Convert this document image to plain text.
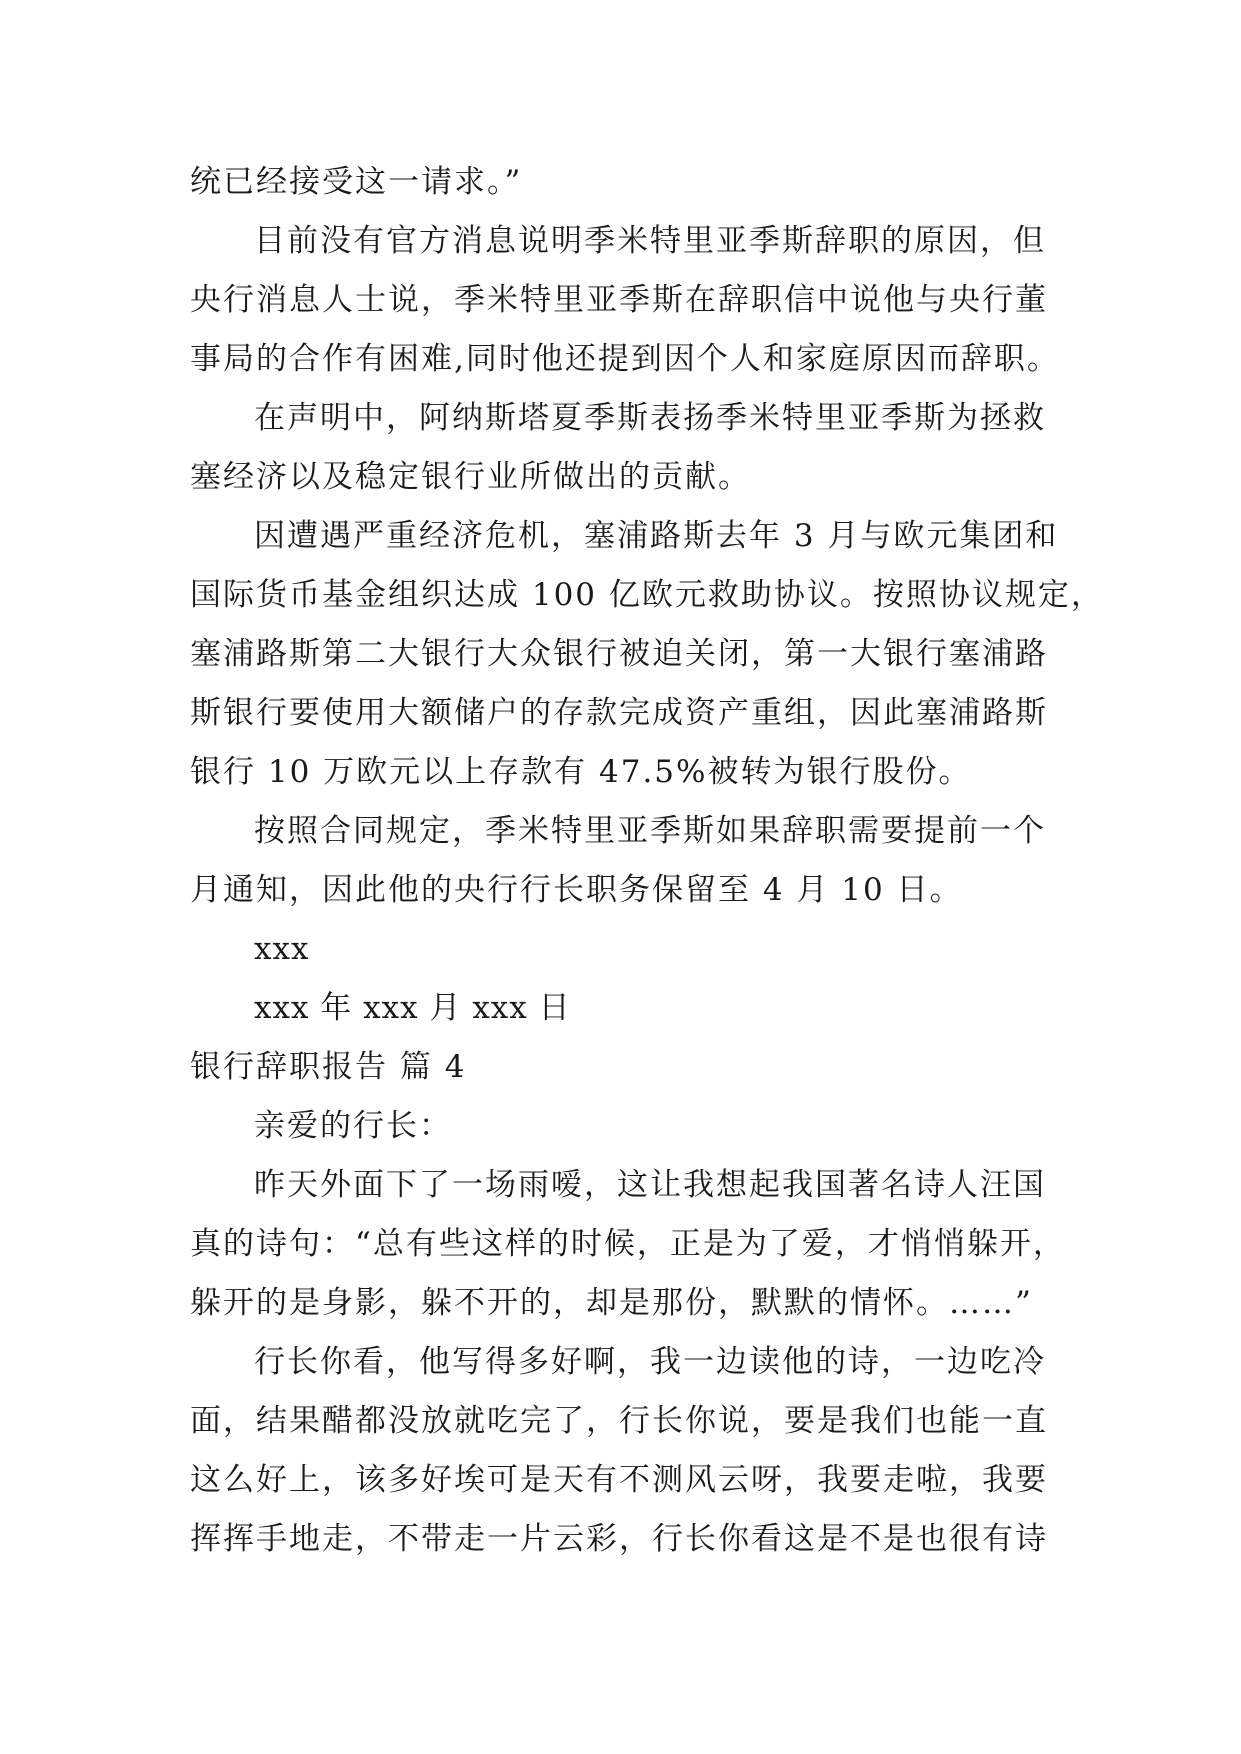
统已经接受这一请求。”
目前没有官方消息说明季米特里亚季斯辞职的原因，但
央行消息人士说，季米特里亚季斯在辞职信中说他与央行董
事局的合作有困难,同时他还提到因个人和家庭原因而辞职。
在声明中，阿纳斯塔夏季斯表扬季米特里亚季斯为拯救
塞经济以及稳定银行业所做出的贡献。
因遭遇严重经济危机，塞浦路斯去年 3 月与欧元集团和
国际货币基金组织达成 100 亿欧元救助协议。按照协议规定，
塞浦路斯第二大银行大众银行被迫关闭，第一大银行塞浦路
斯银行要使用大额储户的存款完成资产重组，因此塞浦路斯
银行 10 万欧元以上存款有 47.5%被转为银行股份。
按照合同规定，季米特里亚季斯如果辞职需要提前一个
月通知，因此他的央行行长职务保留至 4 月 10 日。
xxx
xxx 年 xxx 月 xxx 日
银行辞职报告 篇 4
亲爱的行长：
昨天外面下了一场雨嗳，这让我想起我国著名诗人汪国
真的诗句：“总有些这样的时候，正是为了爱，才悄悄躲开，
躲开的是身影，躲不开的，却是那份，默默的情怀。……”
行长你看，他写得多好啊，我一边读他的诗，一边吃冷
面，结果醋都没放就吃完了，行长你说，要是我们也能一直
这么好上，该多好埃可是天有不测风云呀，我要走啦，我要
挥挥手地走，不带走一片云彩，行长你看这是不是也很有诗
